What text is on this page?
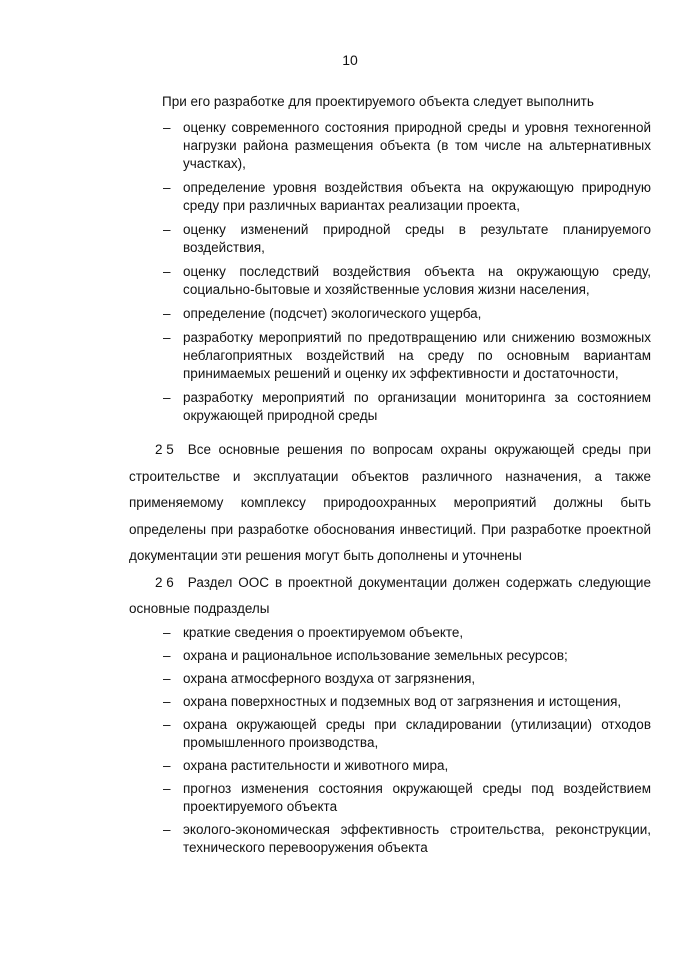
10
При его разработке для проектируемого объекта следует выполнить
– оценку современного состояния природной среды и уровня техногенной нагрузки района размещения объекта (в том числе на альтернативных участках),
– определение уровня воздействия объекта на окружающую природную среду при различных вариантах реализации проекта,
– оценку изменений природной среды в результате планируемого воздействия,
– оценку последствий воздействия объекта на окружающую среду, социально-бытовые и хозяйственные условия жизни населения,
– определение (подсчет) экологического ущерба,
– разработку мероприятий по предотвращению или снижению возможных неблагоприятных воздействий на среду по основным вариантам принимаемых решений и оценку их эффективности и достаточности,
– разработку мероприятий по организации мониторинга за состоянием окружающей природной среды
2 5 Все основные решения по вопросам охраны окружающей среды при строительстве и эксплуатации объектов различного назначения, а также применяемому комплексу природоохранных мероприятий должны быть определены при разработке обоснования инвестиций. При разработке проектной документации эти решения могут быть дополнены и уточнены
2 6 Раздел ООС в проектной документации должен содержать следующие основные подразделы
– краткие сведения о проектируемом объекте,
– охрана и рациональное использование земельных ресурсов;
– охрана атмосферного воздуха от загрязнения,
– охрана поверхностных и подземных вод от загрязнения и истощения,
– охрана окружающей среды при складировании (утилизации) отходов промышленного производства,
– охрана растительности и животного мира,
– прогноз изменения состояния окружающей среды под воздействием проектируемого объекта
– эколого-экономическая эффективность строительства, реконструкции, технического перевооружения объекта
